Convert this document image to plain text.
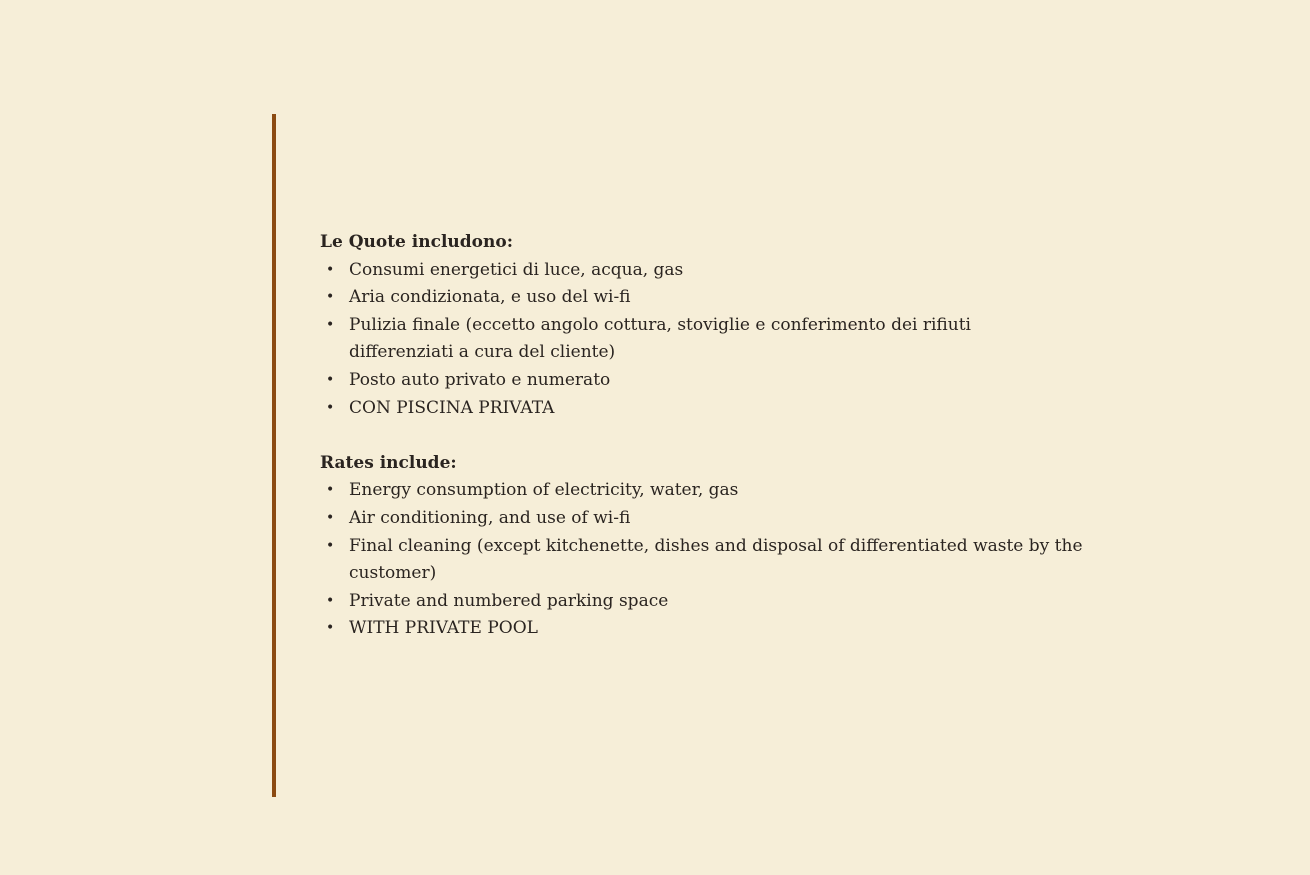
Le Quote includono:

• Consumi energetici di luce, acqua, gas
• Aria condizionata, e uso del wi-fi
• Pulizia finale (eccetto angolo cottura, stoviglie e conferimento dei rifiuti differenziati a cura del cliente)
• Posto auto privato e numerato
• CON PISCINA PRIVATA

Rates include:

• Energy consumption of electricity, water, gas
• Air conditioning, and use of wi-fi
• Final cleaning (except kitchenette, dishes and disposal of differentiated waste by the customer)
• Private and numbered parking space
• WITH PRIVATE POOL
